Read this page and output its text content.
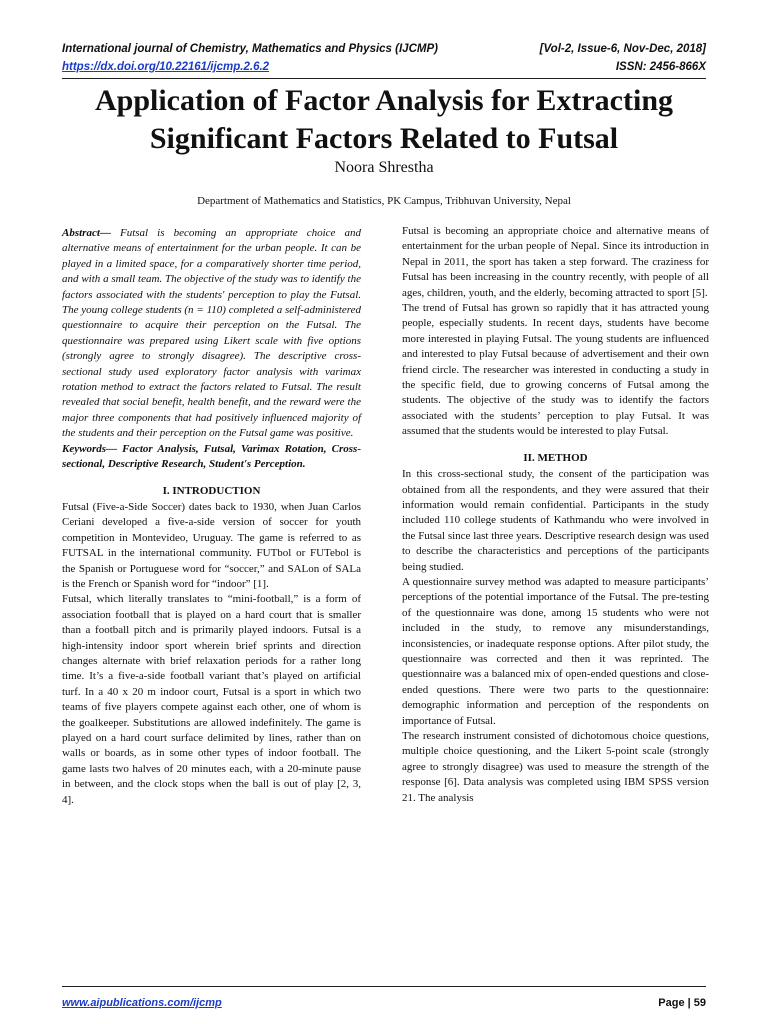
International journal of Chemistry, Mathematics and Physics (IJCMP)	[Vol-2, Issue-6, Nov-Dec, 2018]
https://dx.doi.org/10.22161/ijcmp.2.6.2	ISSN: 2456-866X
Application of Factor Analysis for Extracting Significant Factors Related to Futsal
Noora Shrestha
Department of Mathematics and Statistics, PK Campus, Tribhuvan University, Nepal

Abstract— Futsal is becoming an appropriate choice and alternative means of entertainment for the urban people. It can be played in a limited space, for a comparatively shorter time period, and with a small team. The objective of the study was to identify the factors associated with the students' perception to play the Futsal. The young college students (n = 110) completed a self-administered questionnaire to acquire their perception on the Futsal. The questionnaire was prepared using Likert scale with five options (strongly agree to strongly disagree). The descriptive cross-sectional study used exploratory factor analysis with varimax rotation method to extract the factors related to Futsal. The result revealed that social benefit, health benefit, and the reward were the major three components that had positively influenced majority of the students and their perception on the Futsal game was positive.

Keywords— Factor Analysis, Futsal, Varimax Rotation, Cross-sectional, Descriptive Research, Student's Perception.

I. INTRODUCTION

Futsal (Five-a-Side Soccer) dates back to 1930, when Juan Carlos Ceriani developed a five-a-side version of soccer for youth competition in Montevideo, Uruguay. The game is referred to as FUTSAL in the international community. FUTbol or FUTebol is the Spanish or Portuguese word for “soccer,” and SALon of SALa is the French or Spanish word for “indoor” [1].

Futsal, which literally translates to “mini-football,” is a form of association football that is played on a hard court that is smaller than a football pitch and is primarily played indoors. Futsal is a high-intensity indoor sport wherein brief sprints and direction changes alternate with brief relaxation periods for a rather long time. It’s a five-a-side football variant that’s played on artificial turf. In a 40 x 20 m indoor court, Futsal is a sport in which two teams of five players compete against each other, one of whom is the goalkeeper. Substitutions are allowed indefinitely. The game is played on a hard court surface delimited by lines, rather than on walls or boards, as in some other types of indoor football. The game lasts two halves of 20 minutes each, with a 20-minute pause in between, and the clock stops when the ball is out of play [2, 3, 4].

Futsal is becoming an appropriate choice and alternative means of entertainment for the urban people of Nepal. Since its introduction in Nepal in 2011, the sport has taken a step forward. The craziness for Futsal has been increasing in the country recently, with people of all ages, children, youth, and the elderly, becoming attracted to sport [5].

The trend of Futsal has grown so rapidly that it has attracted young people, especially students. In recent days, students have become more interested in playing Futsal. The young students are influenced and interested to play Futsal because of advertisement and their own friend circle. The researcher was interested in conducting a study in the specific field, due to growing concerns of Futsal among the students. The objective of the study was to identify the factors associated with the students’ perception to play Futsal. It was assumed that the students would be interested to play Futsal.

II. METHOD

In this cross-sectional study, the consent of the participation was obtained from all the respondents, and they were assured that their information would remain confidential. Participants in the study included 110 college students of Kathmandu who were involved in the Futsal since last three years. Descriptive research design was used to describe the characteristics and perceptions of the participants being studied.

A questionnaire survey method was adapted to measure participants’ perceptions of the potential importance of the Futsal. The pre-testing of the questionnaire was done, among 15 students who were not included in the study, to remove any misunderstandings, inconsistencies, or inadequate response options. After pilot study, the questionnaire was corrected and then it was reprinted. The questionnaire was a balanced mix of open-ended questions and close-ended questions. There were two parts to the questionnaire: demographic information and perception of the respondents on importance of Futsal.

The research instrument consisted of dichotomous choice questions, multiple choice questioning, and the Likert 5-point scale (strongly agree to strongly disagree) was used to measure the strength of the response [6]. Data analysis was completed using IBM SPSS version 21. The analysis

www.aipublications.com/ijcmp	Page | 59
